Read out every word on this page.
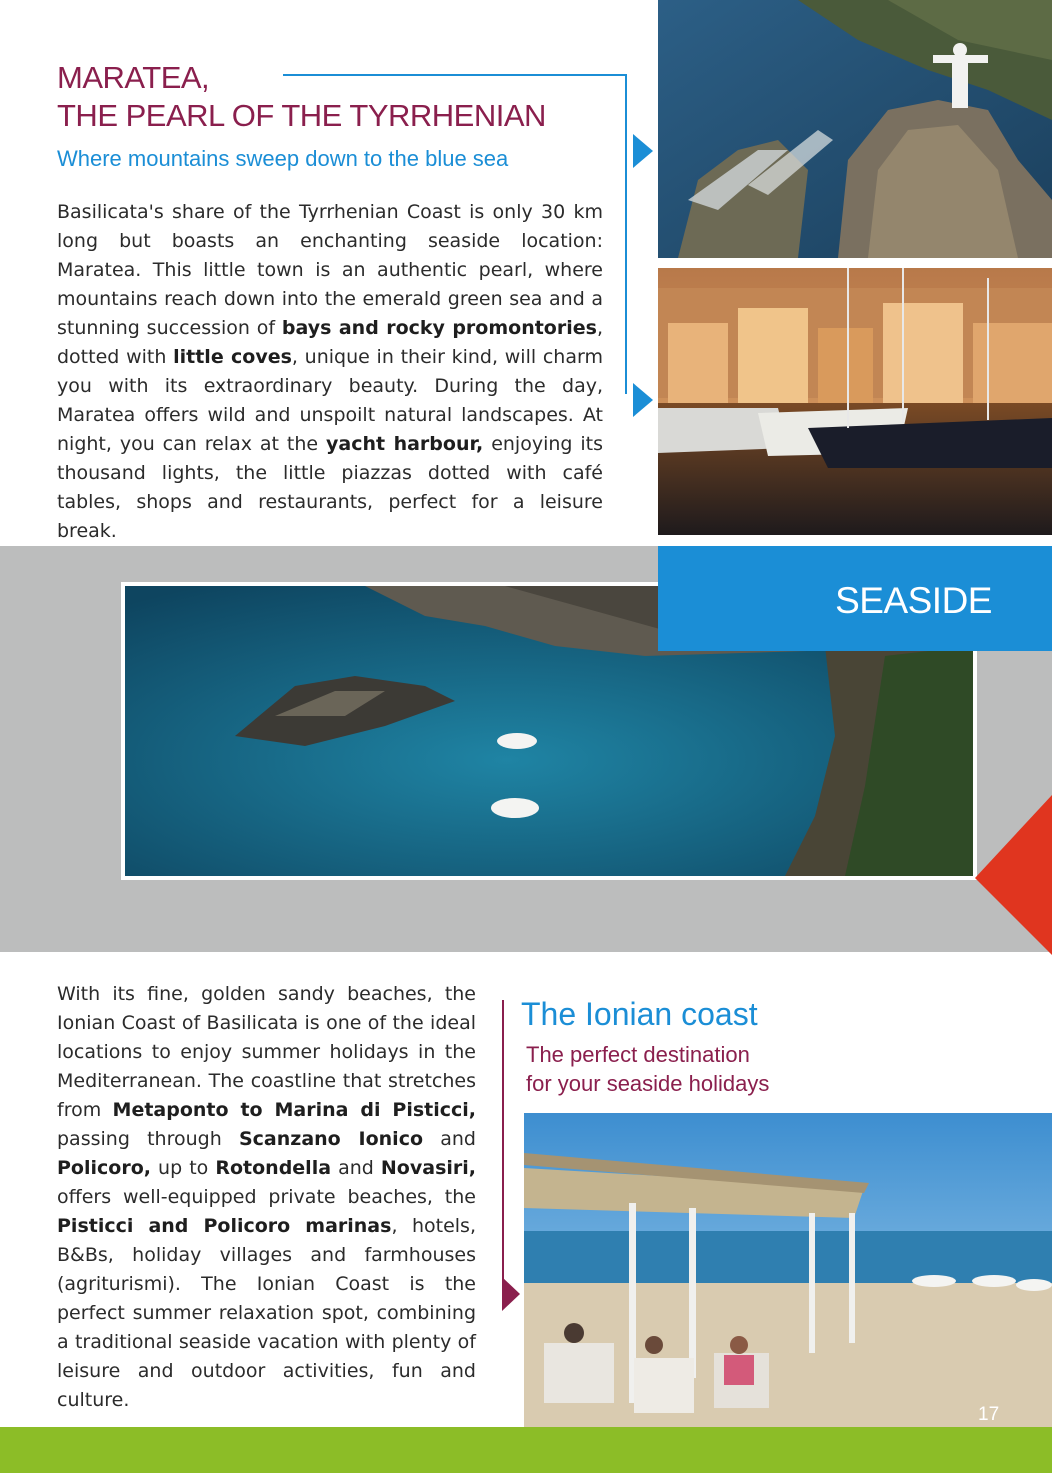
MARATEA,
THE PEARL OF THE TYRRHENIAN
Where mountains sweep down to the blue sea
Basilicata's share of the Tyrrhenian Coast is only 30 km long but boasts an enchanting seaside location: Maratea. This little town is an authentic pearl, where mountains reach down into the emerald green sea and a stunning succession of bays and rocky promontories, dotted with little coves, unique in their kind, will charm you with its extraordinary beauty. During the day, Maratea offers wild and unspoilt natural landscapes. At night, you can relax at the yacht harbour, enjoying its thousand lights, the little piazzas dotted with café tables, shops and restaurants, perfect for a leisure break.
SEASIDE
With its fine, golden sandy beaches, the Ionian Coast of Basilicata is one of the ideal locations to enjoy summer holidays in the Mediterranean. The coastline that stretches from Metaponto to Marina di Pisticci, passing through Scanzano Ionico and Policoro, up to Rotondella and Novasiri, offers well-equipped private beaches, the Pisticci and Policoro marinas, hotels, B&Bs, holiday villages and farmhouses (agriturismi). The Ionian Coast is the perfect summer relaxation spot, combining a traditional seaside vacation with plenty of leisure and outdoor activities, fun and culture.
The Ionian coast
The perfect destination
for your seaside holidays
17
